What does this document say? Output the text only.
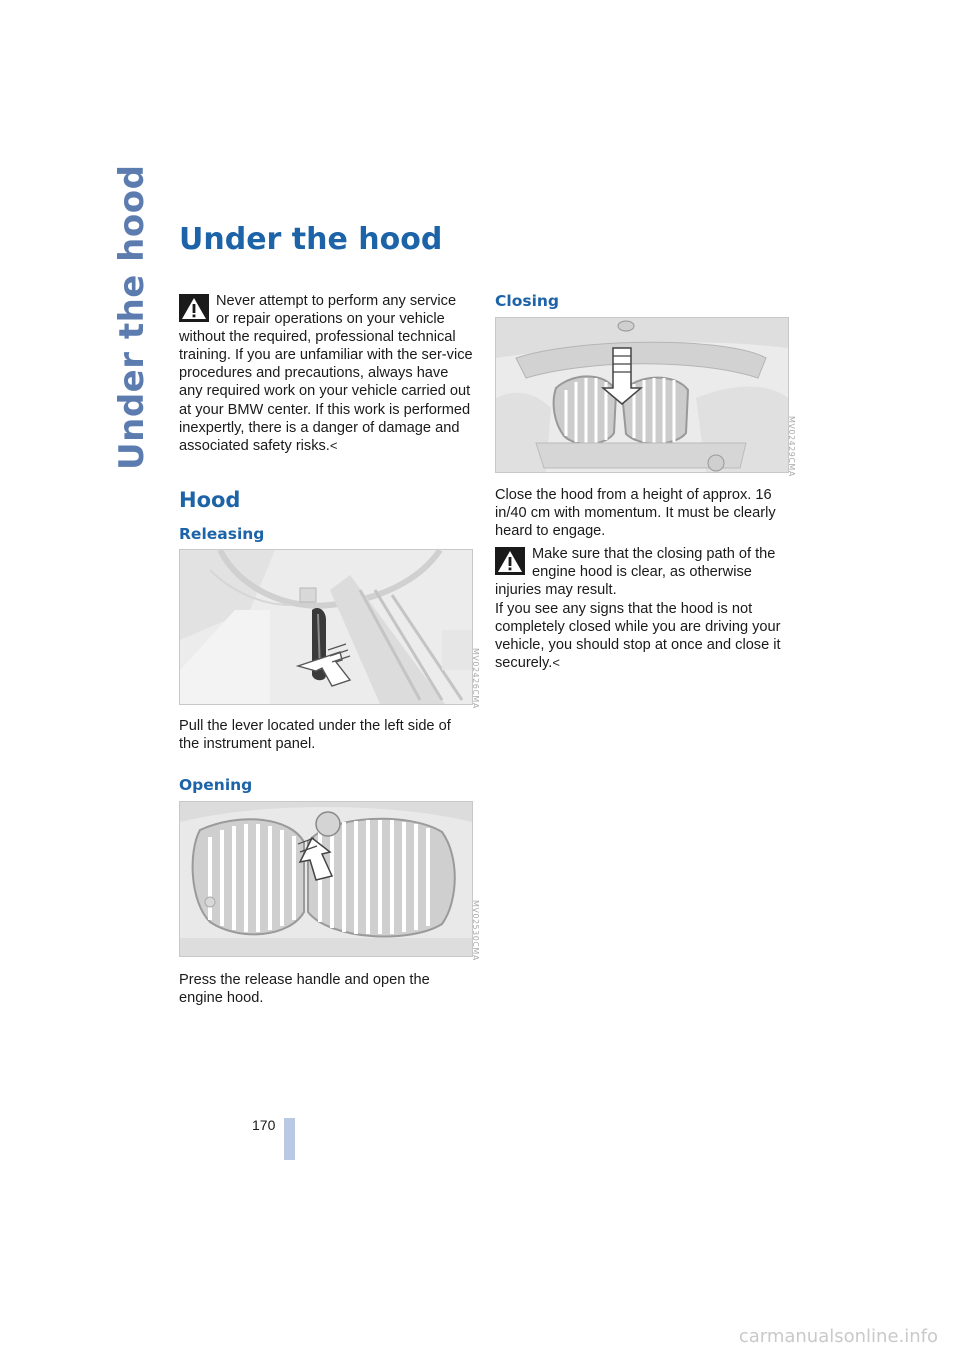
Under the hood Under the hood

Never attempt to perform any service
or repair operations on your vehicle
without the required, professional technical training. If you are unfamiliar with the ser-vice procedures and precautions, always have any required work on your vehicle carried out at your BMW center. If this work is performed inexpertly, there is a danger of damage and associated safety risks.<

Hood
Releasing
MV02426CMA

Pull the lever located under the left side of the instrument panel.

Opening
MV02530CMA

Press the release handle and open the engine hood.

Closing
MV02429CMA

Close the hood from a height of approx. 16 in/40 cm with momentum. It must be clearly heard to engage.

Make sure that the closing path of the
engine hood is clear, as otherwise
injuries may result.
If you see any signs that the hood is not completely closed while you are driving your vehicle, you should stop at once and close it securely.<

170
carmanualsonline.info
